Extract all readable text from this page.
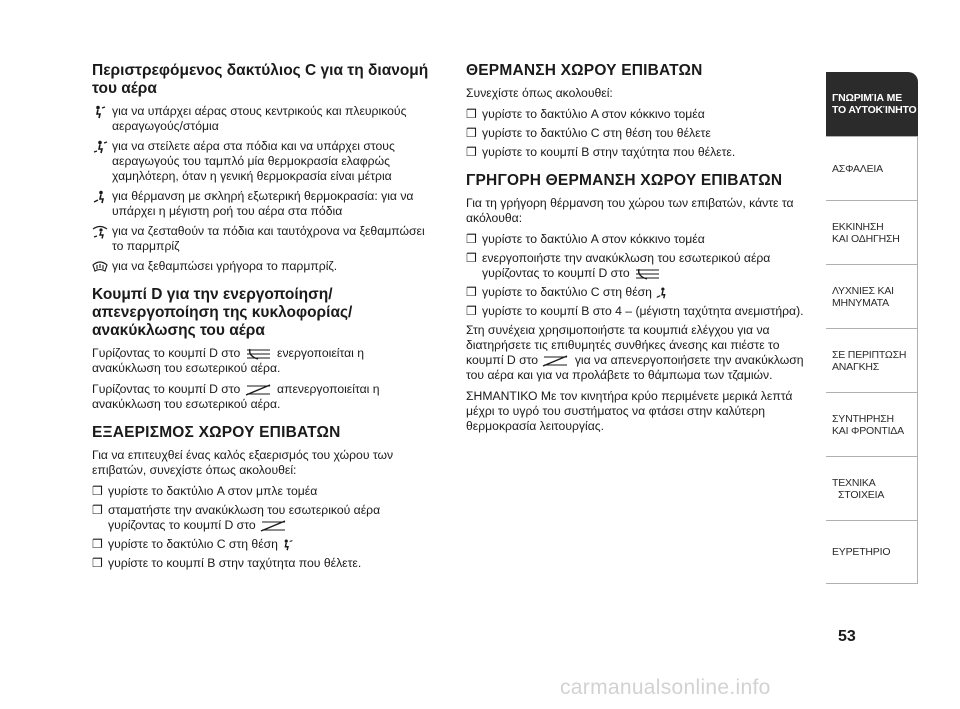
Περιστρεφόμενος δακτύλιος C για τη διανομή του αέρα
για να υπάρχει αέρας στους κεντρικούς και πλευρικούς αεραγωγούς/στόμια
για να στείλετε αέρα στα πόδια και να υπάρχει στους αεραγωγούς του ταμπλό μία θερμοκρασία ελαφρώς χαμηλότερη, όταν η γενική θερμοκρασία είναι μέτρια
για θέρμανση με σκληρή εξωτερική θερμοκρασία: για να υπάρχει η μέγιστη ροή του αέρα στα πόδια
για να ζεσταθούν τα πόδια και ταυτόχρονα να ξεθαμπώσει το παρμπρίζ
για να ξεθαμπώσει γρήγορα το παρμπρίζ.
Κουμπί D για την ενεργοποίηση/ απενεργοποίηση της κυκλοφορίας/ ανακύκλωσης του αέρα

Γυρίζοντας το κουμπί D στο	ενεργοποιείται η ανακύκλωση του εσωτερικού αέρα.

Γυρίζοντας το κουμπί D στο	απενεργοποιείται η ανακύκλωση του εσωτερικού αέρα.

ΕΞΑΕΡΙΣΜΟΣ ΧΩΡΟΥ ΕΠΙΒΑΤΩΝ

Για να επιτευχθεί ένας καλός εξαερισμός του χώρου των επιβατών, συνεχίστε όπως ακολουθεί:

❒ γυρίστε το δακτύλιο A στον μπλε τομέα
❒ σταματήστε την ανακύκλωση του εσωτερικού αέρα γυρίζοντας το κουμπί D στο
❒ γυρίστε το δακτύλιο C στη θέση
❒ γυρίστε το κουμπί B στην ταχύτητα που θέλετε.
ΘΕΡΜΑΝΣΗ ΧΩΡΟΥ ΕΠΙΒΑΤΩΝ

Συνεχίστε όπως ακολουθεί:

❒ γυρίστε το δακτύλιο A στον κόκκινο τομέα
❒ γυρίστε το δακτύλιο C στη θέση του θέλετε
❒ γυρίστε το κουμπί B στην ταχύτητα που θέλετε.
ΓΡΗΓΟΡΗ ΘΕΡΜΑΝΣΗ ΧΩΡΟΥ ΕΠΙΒΑΤΩΝ

Για τη γρήγορη θέρμανση του χώρου των επιβατών, κάντε τα ακόλουθα:

❒ γυρίστε το δακτύλιο A στον κόκκινο τομέα
❒ ενεργοποιήστε την ανακύκλωση του εσωτερικού αέρα γυρίζοντας το κουμπί D στο
❒ γυρίστε το δακτύλιο C στη θέση
❒ γυρίστε το κουμπί B στο 4 – (μέγιστη ταχύτητα ανεμιστήρα).

Στη συνέχεια χρησιμοποιήστε τα κουμπιά ελέγχου για να διατηρήσετε τις επιθυμητές συνθήκες άνεσης και πιέστε το κουμπί D στο	για να απενεργοποιήσετε την ανακύκλωση του αέρα και για να προλάβετε το θάμπωμα των τζαμιών.

ΣΗΜΑΝΤΙΚΟ Με τον κινητήρα κρύο περιμένετε μερικά λεπτά μέχρι το υγρό του συστήματος να φτάσει στην καλύτερη θερμοκρασία λειτουργίας.

ΓΝΩΡΙΜΊΑ ΜΕ
ΤΟ ΑΥΤΟΚΊΝΗΤΟ
ΑΣΦΑΛΕΙΑ
ΕΚΚΙΝΗΣΗ
ΚΑΙ ΟΔΗΓΗΣΗ
ΛΥΧΝΙΕΣ ΚΑΙ
ΜΗΝΥΜΑΤΑ
ΣΕ ΠΕΡΙΠΤΩΣΗ
ΑΝΑΓΚΗΣ
ΣΥΝΤΗΡΗΣΗ
ΚΑΙ ΦΡΟΝΤΙΔΑ
ΤΕΧΝΙΚΑ
ΣΤΟΙΧΕΙΑ
ΕΥΡΕΤΗΡΙΟ
53
carmanualsonline.info
